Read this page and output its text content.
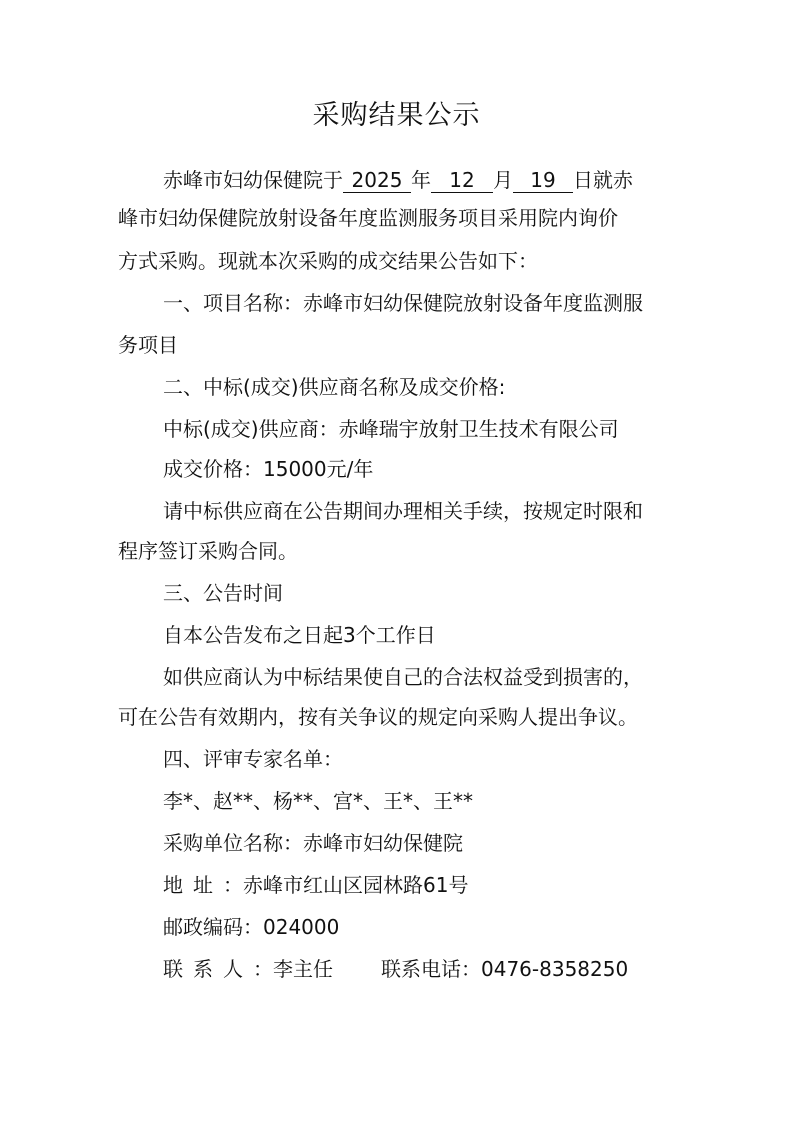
采购结果公示
赤峰市妇幼保健院于 2025 年 12 月 19 日就赤
峰市妇幼保健院放射设备年度监测服务项目采用院内询价
方式采购。现就本次采购的成交结果公告如下：
一、项目名称：赤峰市妇幼保健院放射设备年度监测服
务项目
二、中标(成交)供应商名称及成交价格:
中标(成交)供应商：赤峰瑞宇放射卫生技术有限公司
成交价格：15000元/年
请中标供应商在公告期间办理相关手续，按规定时限和
程序签订采购合同。
三、公告时间
自本公告发布之日起3个工作日
如供应商认为中标结果使自己的合法权益受到损害的，
可在公告有效期内，按有关争议的规定向采购人提出争议。
四、评审专家名单：
李*、赵**、杨**、宫*、王*、王**
采购单位名称：赤峰市妇幼保健院
地址：赤峰市红山区园林路61号
邮政编码：024000
联系人：李主任 联系电话：0476-8358250
